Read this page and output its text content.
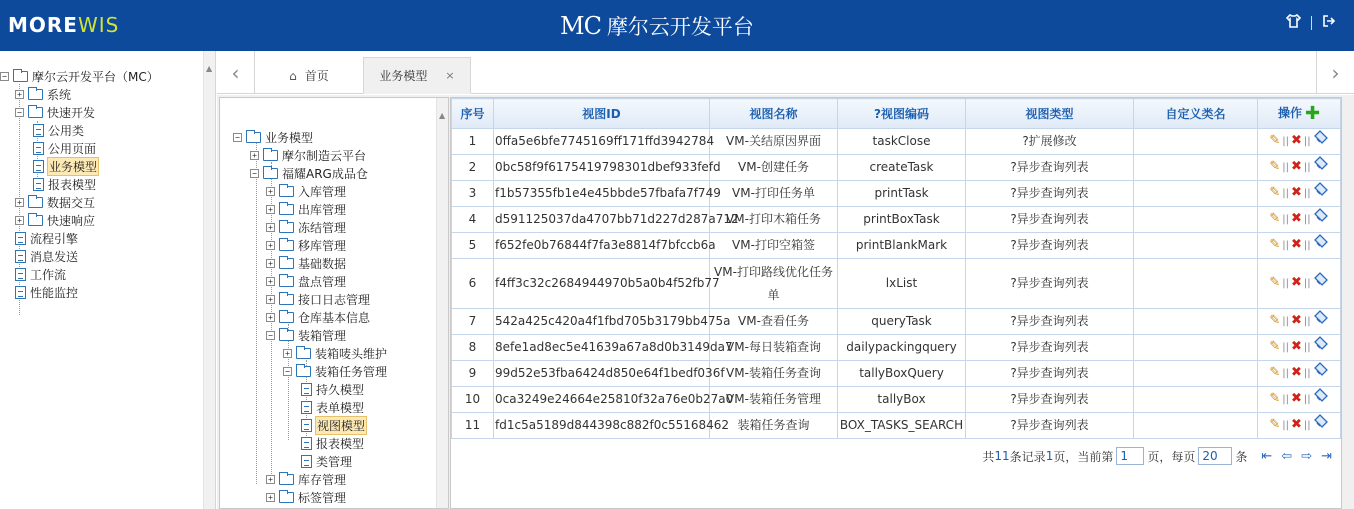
MOREWIS	MC 摩尔云开发平台
▲
− 摩尔云开发平台（MC）
+ 系统
− 快速开发
公用类
公用页面
业务模型
报表模型
+ 数据交互
+ 快速响应
流程引擎
消息发送
工作流
性能监控
‹	⌂ 首页	业务模型 ×	›
▲
− 业务模型
+ 摩尔制造云平台
− 福耀ARG成品仓
+ 入库管理
+ 出库管理
+ 冻结管理
+ 移库管理
+ 基础数据
+ 盘点管理
+ 接口日志管理
+ 仓库基本信息
− 装箱管理
+ 装箱唛头维护
− 装箱任务管理
持久模型
表单模型
视图模型
报表模型
类管理
+ 库存管理
+ 标签管理
序号	视图ID	视图名称	?视图编码	视图类型	自定义类名	操作 ✚
1	0ffa5e6bfe7745169ff171ffd3942784	VM-关结原因界面	taskClose	?扩展修改		✎ || ✖ ||

2	0bc58f9f6175419798301dbef933fefd	VM-创建任务	createTask	?异步查询列表		✎ || ✖ ||

3	f1b57355fb1e4e45bbde57fbafa7f749	VM-打印任务单	printTask	?异步查询列表		✎ || ✖ ||

4	d591125037da4707bb71d227d287a712	VM-打印木箱任务	printBoxTask	?异步查询列表		✎ || ✖ ||

5	f652fe0b76844f7fa3e8814f7bfccb6a	VM-打印空箱签	printBlankMark	?异步查询列表		✎ || ✖ ||

6	f4ff3c32c2684944970b5a0b4f52fb77	VM-打印路线优化任务单	lxList	?异步查询列表		✎ || ✖ ||

7	542a425c420a4f1fbd705b3179bb475a	VM-查看任务	queryTask	?异步查询列表		✎ || ✖ ||

8	8efe1ad8ec5e41639a67a8d0b3149da7	VM-每日装箱查询	dailypackingquery	?异步查询列表		✎ || ✖ ||

9	99d52e53fba6424d850e64f1bedf036f	VM-装箱任务查询	tallyBoxQuery	?异步查询列表		✎ || ✖ ||

10	0ca3249e24664e25810f32a76e0b27a0	VM-装箱任务管理	tallyBox	?异步查询列表		✎ || ✖ ||

11	fd1c5a5189d844398c882f0c55168462	装箱任务查询	BOX_TASKS_SEARCH	?异步查询列表		✎ || ✖ ||
共 11 条记录 1 页，当前第
1	页，每页
20	条 ⇤ ⇦ ⇨ ⇥
